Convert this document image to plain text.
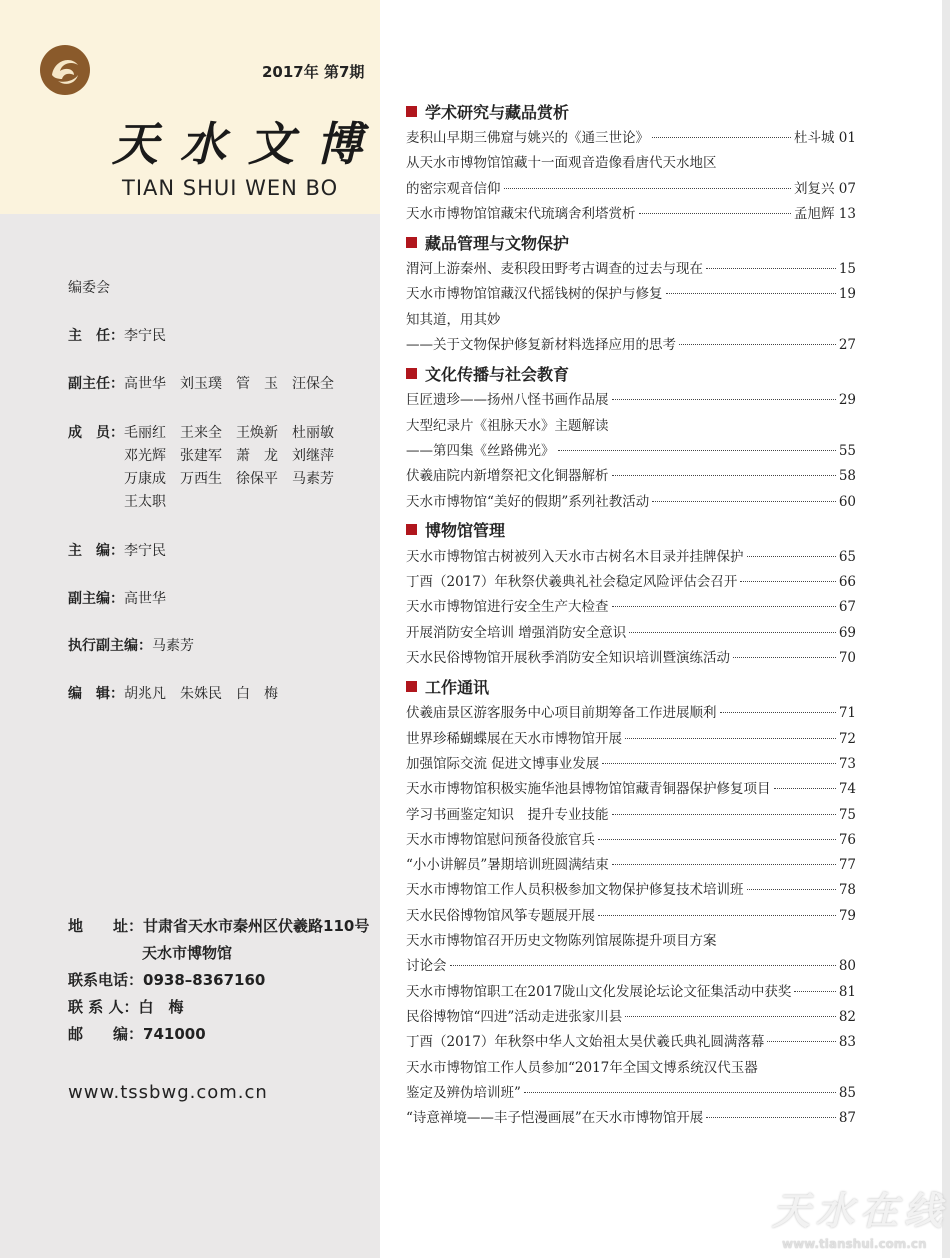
2017年 第7期
天水文博
TIAN SHUI WEN BO
编委会
主　任：李宁民
副主任：高世华　刘玉璞　管　玉　汪保全
成　员： 毛丽红　王来全　王焕新　杜丽敏
邓光辉　张建军　萧　龙　刘继萍
万康成　万西生　徐保平　马素芳
王太职
主　编：李宁民
副主编：高世华
执行副主编：马素芳
编　辑：胡兆凡　朱姝民　白　梅
地　　址：甘肃省天水市秦州区伏羲路110号
天水市博物馆
联系电话：0938–8367160
联 系 人：白　梅
邮　　编：741000
www.tssbwg.com.cn
学术研究与藏品赏析
麦积山早期三佛窟与姚兴的《通三世论》	杜斗城 01
从天水市博物馆馆藏十一面观音造像看唐代天水地区
的密宗观音信仰	刘复兴 07
天水市博物馆馆藏宋代琉璃舍利塔赏析	孟旭辉 13
藏品管理与文物保护
渭河上游秦州、麦积段田野考古调查的过去与现在	15
天水市博物馆馆藏汉代摇钱树的保护与修复	19
知其道，用其妙
——关于文物保护修复新材料选择应用的思考	27
文化传播与社会教育
巨匠遗珍——扬州八怪书画作品展	29
大型纪录片《祖脉天水》主题解读
——第四集《丝路佛光》	55
伏羲庙院内新增祭祀文化铜器解析	58
天水市博物馆“美好的假期”系列社教活动	60
博物馆管理
天水市博物馆古树被列入天水市古树名木目录并挂牌保护	65
丁酉（2017）年秋祭伏羲典礼社会稳定风险评估会召开	66
天水市博物馆进行安全生产大检查	67
开展消防安全培训 增强消防安全意识	69
天水民俗博物馆开展秋季消防安全知识培训暨演练活动	70
工作通讯
伏羲庙景区游客服务中心项目前期筹备工作进展顺利	71
世界珍稀蝴蝶展在天水市博物馆开展	72
加强馆际交流 促进文博事业发展	73
天水市博物馆积极实施华池县博物馆馆藏青铜器保护修复项目	74
学习书画鉴定知识　提升专业技能	75
天水市博物馆慰问预备役旅官兵	76
“小小讲解员”暑期培训班圆满结束	77
天水市博物馆工作人员积极参加文物保护修复技术培训班	78
天水民俗博物馆风筝专题展开展	79
天水市博物馆召开历史文物陈列馆展陈提升项目方案
讨论会	80
天水市博物馆职工在2017陇山文化发展论坛论文征集活动中获奖	81
民俗博物馆“四进”活动走进张家川县	82
丁酉（2017）年秋祭中华人文始祖太昊伏羲氏典礼圆满落幕	83
天水市博物馆工作人员参加“2017年全国文博系统汉代玉器
鉴定及辨伪培训班”	85
“诗意禅境——丰子恺漫画展”在天水市博物馆开展	87
天水在线
www.tianshui.com.cn
